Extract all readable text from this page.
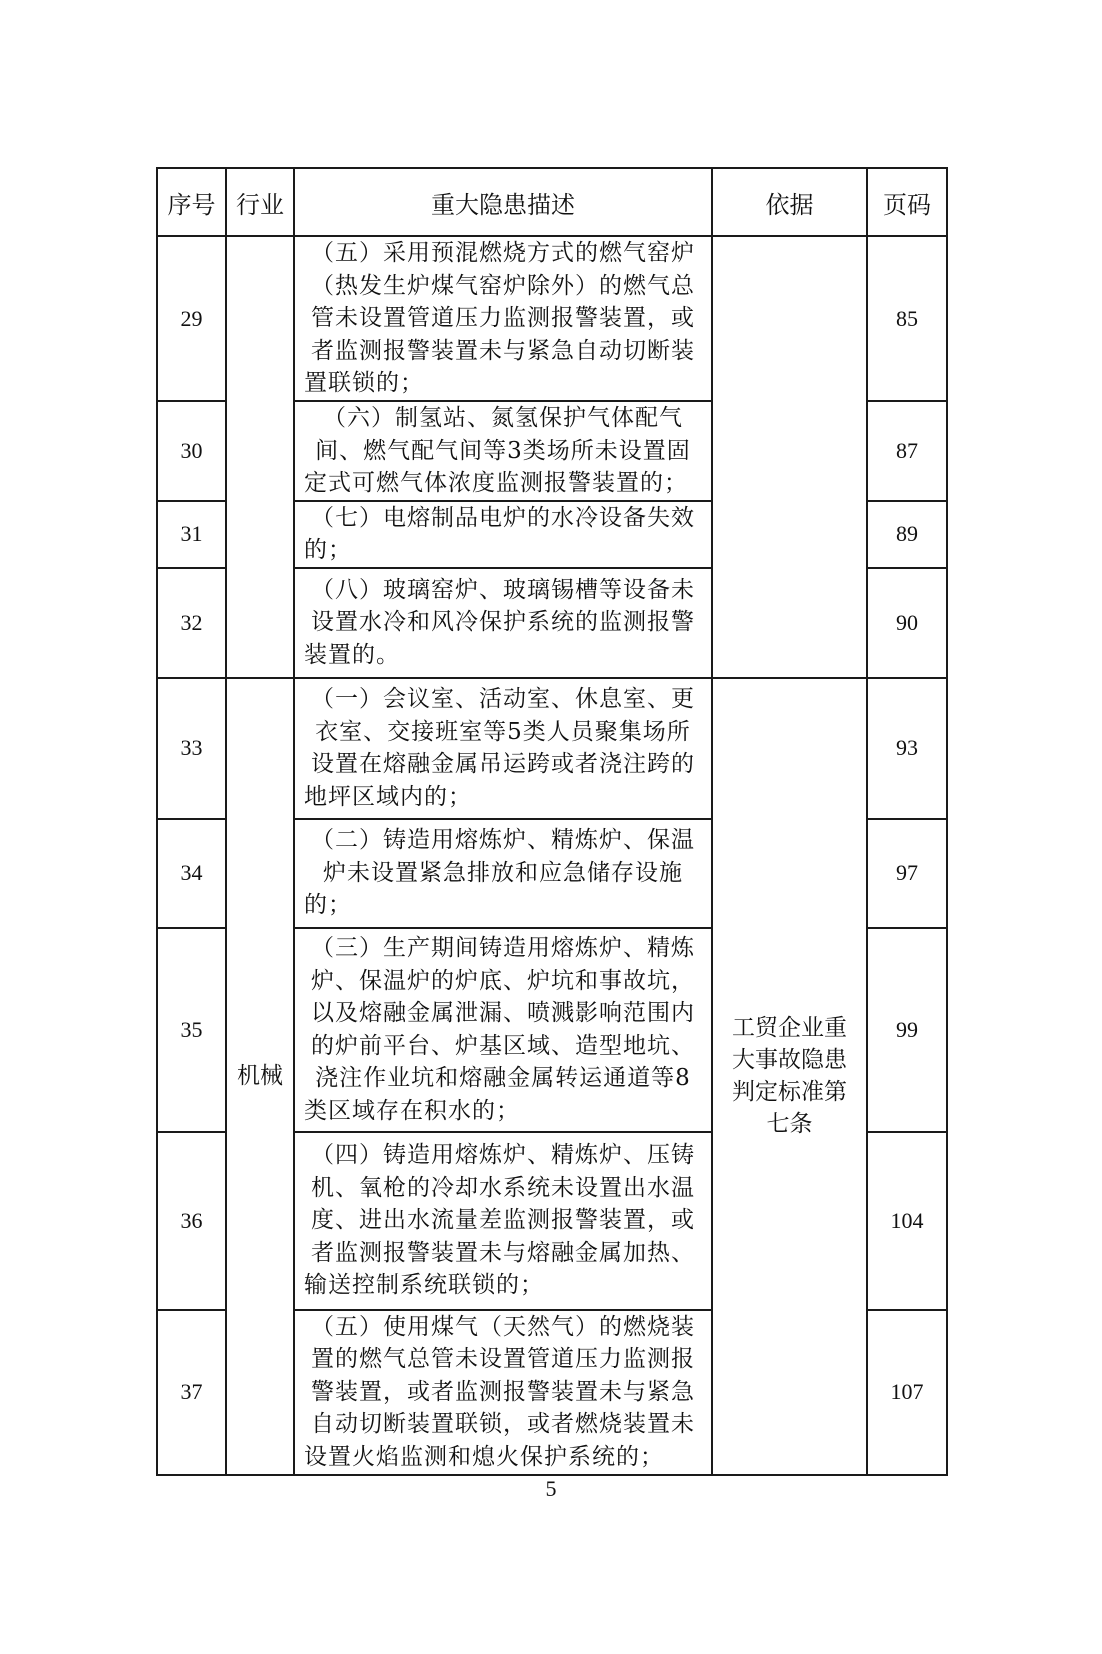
序号	行业	重大隐患描述	依据	页码
29		（五）采用预混燃烧方式的燃气窑炉（热发生炉煤气窑炉除外）的燃气总管未设置管道压力监测报警装置，或者监测报警装置未与紧急自动切断装置联锁的；		85
30		（六）制氢站、氮氢保护气体配气间、燃气配气间等3类场所未设置固定式可燃气体浓度监测报警装置的；		87
31		（七）电熔制品电炉的水冷设备失效的；		89
32		（八）玻璃窑炉、玻璃锡槽等设备未设置水冷和风冷保护系统的监测报警装置的。		90
33	机械	（一）会议室、活动室、休息室、更衣室、交接班室等5类人员聚集场所设置在熔融金属吊运跨或者浇注跨的地坪区域内的；	工贸企业重大事故隐患判定标准第七条	93
34		（二）铸造用熔炼炉、精炼炉、保温炉未设置紧急排放和应急储存设施的；		97
35		（三）生产期间铸造用熔炼炉、精炼炉、保温炉的炉底、炉坑和事故坑，以及熔融金属泄漏、喷溅影响范围内的炉前平台、炉基区域、造型地坑、浇注作业坑和熔融金属转运通道等8类区域存在积水的；		99
36		（四）铸造用熔炼炉、精炼炉、压铸机、氧枪的冷却水系统未设置出水温度、进出水流量差监测报警装置，或者监测报警装置未与熔融金属加热、输送控制系统联锁的；		104
37		（五）使用煤气（天然气）的燃烧装置的燃气总管未设置管道压力监测报警装置，或者监测报警装置未与紧急自动切断装置联锁，或者燃烧装置未设置火焰监测和熄火保护系统的；		107
5
